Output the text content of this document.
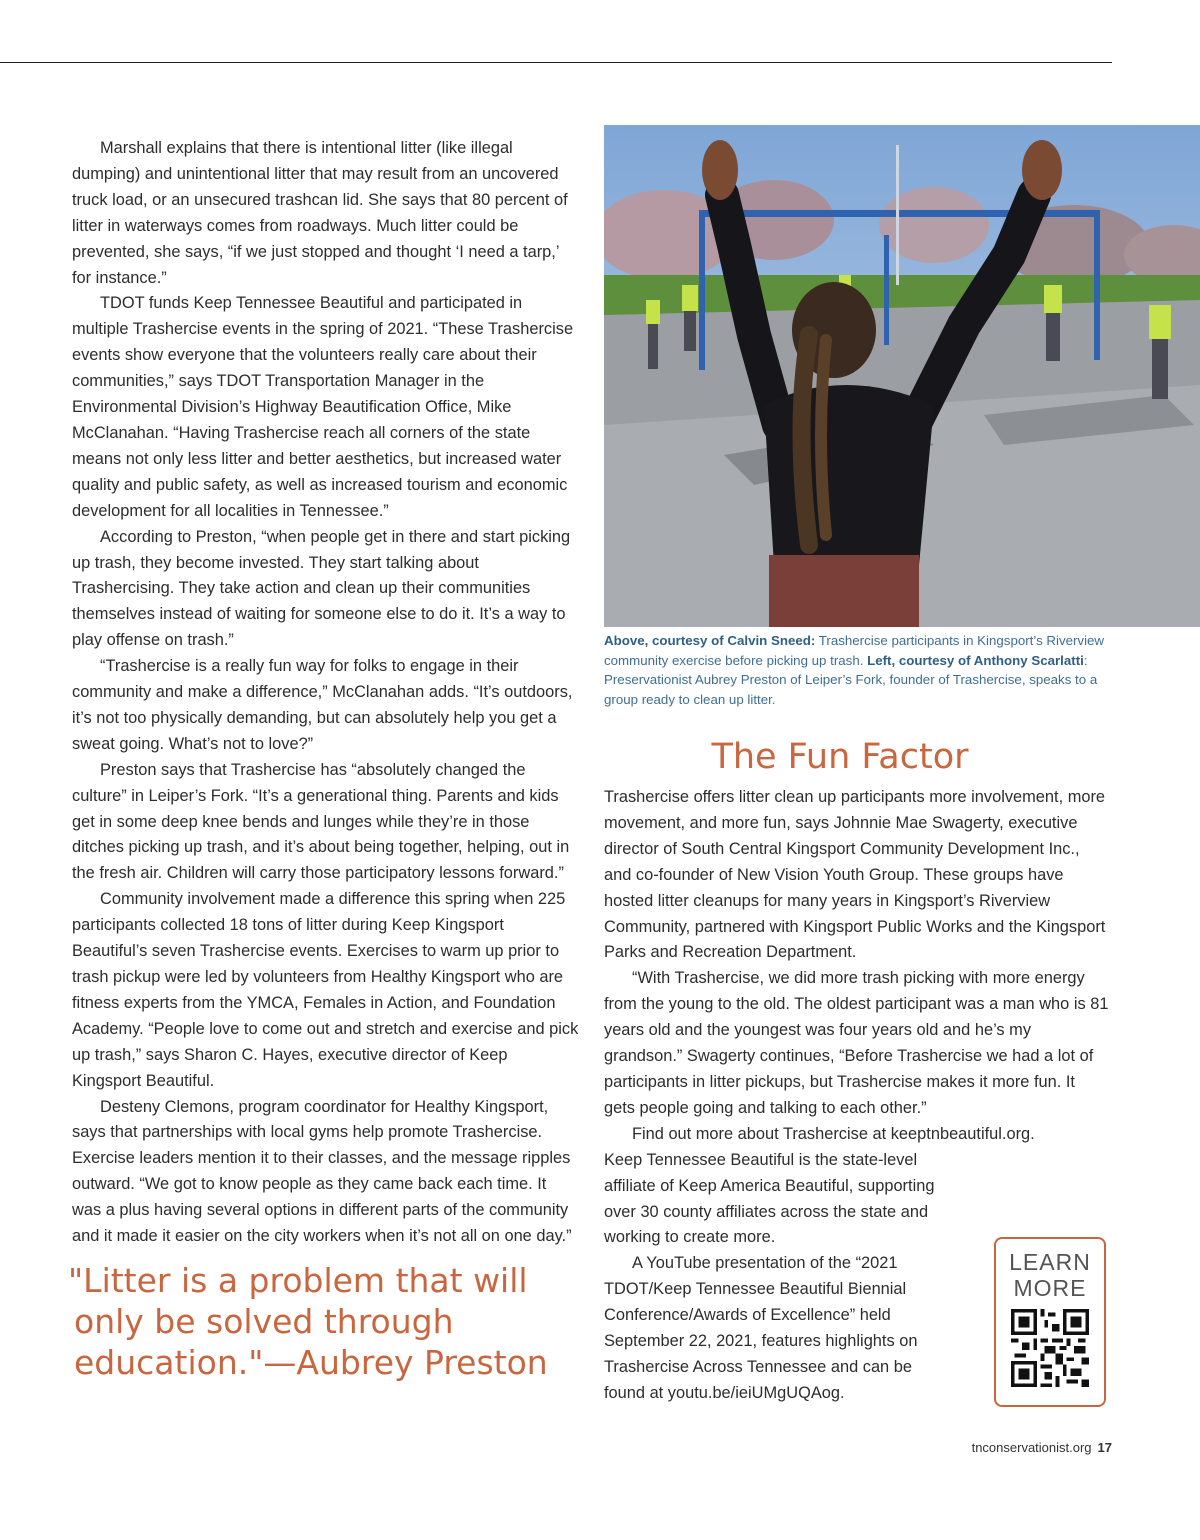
Marshall explains that there is intentional litter (like illegal dumping) and unintentional litter that may result from an uncovered truck load, or an unsecured trashcan lid. She says that 80 percent of litter in waterways comes from roadways. Much litter could be prevented, she says, “if we just stopped and thought ‘I need a tarp,’ for instance.”

TDOT funds Keep Tennessee Beautiful and participated in multiple Trashercise events in the spring of 2021. “These Trashercise events show everyone that the volunteers really care about their communities,” says TDOT Transportation Manager in the Environmental Division’s Highway Beautification Office, Mike McClanahan. “Having Trashercise reach all corners of the state means not only less litter and better aesthetics, but increased water quality and public safety, as well as increased tourism and economic development for all localities in Tennessee.”

According to Preston, “when people get in there and start picking up trash, they become invested. They start talking about Trashercising. They take action and clean up their communities themselves instead of waiting for someone else to do it. It’s a way to play offense on trash.”

“Trashercise is a really fun way for folks to engage in their community and make a difference,” McClanahan adds. “It’s outdoors, it’s not too physically demanding, but can absolutely help you get a sweat going. What’s not to love?”

Preston says that Trashercise has “absolutely changed the culture” in Leiper’s Fork. “It’s a generational thing. Parents and kids get in some deep knee bends and lunges while they’re in those ditches picking up trash, and it’s about being together, helping, out in the fresh air. Children will carry those participatory lessons forward.”

Community involvement made a difference this spring when 225 participants collected 18 tons of litter during Keep Kingsport Beautiful’s seven Trashercise events. Exercises to warm up prior to trash pickup were led by volunteers from Healthy Kingsport who are fitness experts from the YMCA, Females in Action, and Foundation Academy. “People love to come out and stretch and exercise and pick up trash,” says Sharon C. Hayes, executive director of Keep Kingsport Beautiful.

Desteny Clemons, program coordinator for Healthy Kingsport, says that partnerships with local gyms help promote Trashercise. Exercise leaders mention it to their classes, and the message ripples outward. “We got to know people as they came back each time. It was a plus having several options in different parts of the community and it made it easier on the city workers when it’s not all on one day.”

"Litter is a problem that will only be solved through education."—Aubrey Preston
Above, courtesy of Calvin Sneed: Trashercise participants in Kingsport’s Riverview community exercise before picking up trash. Left, courtesy of Anthony Scarlatti: Preservationist Aubrey Preston of Leiper’s Fork, founder of Trashercise, speaks to a group ready to clean up litter.
The Fun Factor

Trashercise offers litter clean up participants more involvement, more movement, and more fun, says Johnnie Mae Swagerty, executive director of South Central Kingsport Community Development Inc., and co-founder of New Vision Youth Group. These groups have hosted litter cleanups for many years in Kingsport’s Riverview Community, partnered with Kingsport Public Works and the Kingsport Parks and Recreation Department.

“With Trashercise, we did more trash picking with more energy from the young to the old. The oldest participant was a man who is 81 years old and the youngest was four years old and he’s my grandson.” Swagerty continues, “Before Trashercise we had a lot of participants in litter pickups, but Trashercise makes it more fun. It gets people going and talking to each other.”

Find out more about Trashercise at keeptnbeautiful.org.

Keep Tennessee Beautiful is the state-level affiliate of Keep America Beautiful, supporting over 30 county affiliates across the state and working to create more.

A YouTube presentation of the “2021 TDOT/Keep Tennessee Beautiful Biennial Conference/Awards of Excellence” held September 22, 2021, features highlights on Trashercise Across Tennessee and can be found at youtu.be/ieiUMgUQAog.

LEARN
MORE
tnconservationist.org 17
